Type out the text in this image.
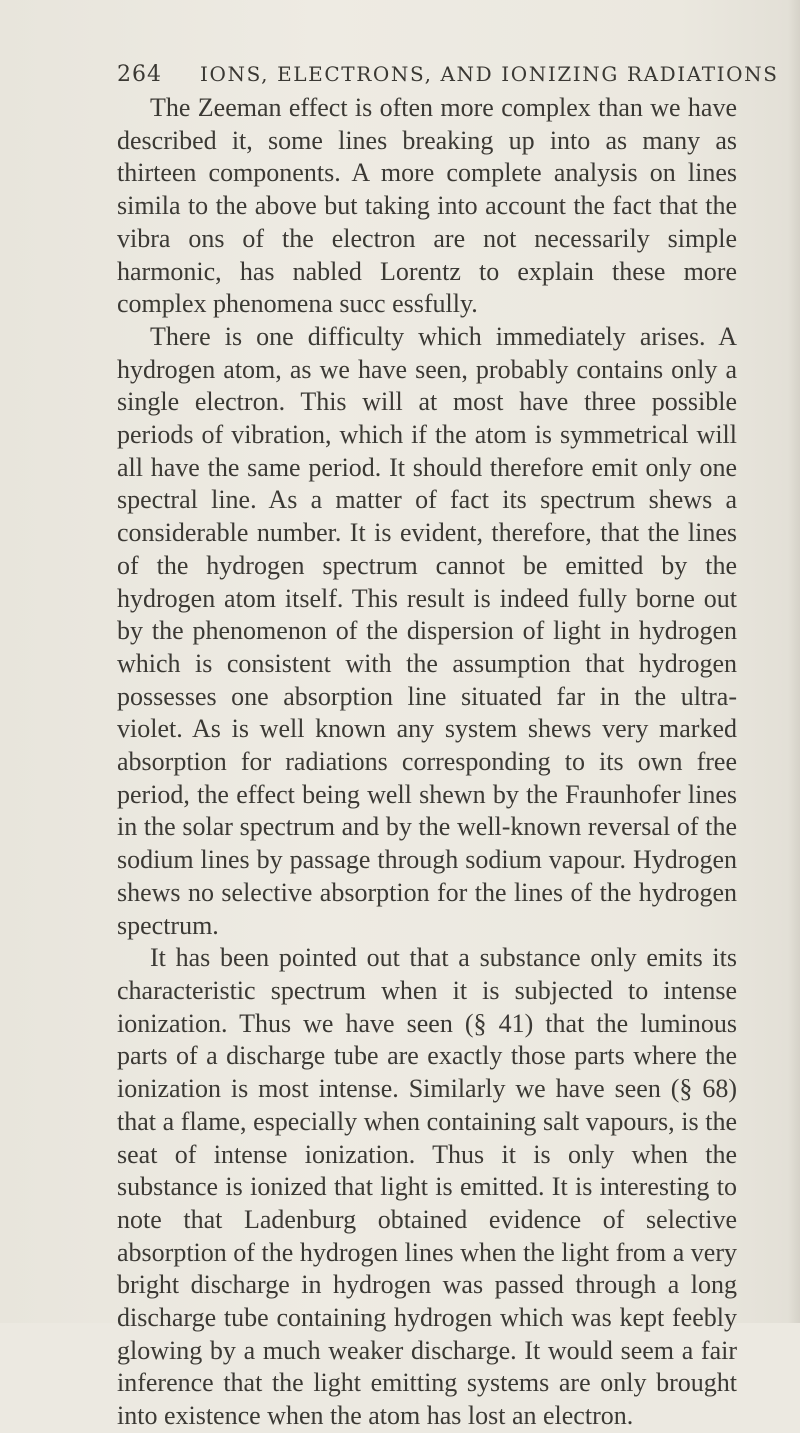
264 IONS, ELECTRONS, AND IONIZING RADIATIONS

The Zeeman effect is often more complex than we have described it, some lines breaking up into as many as thirteen components. A more complete analysis on lines simila to the above but taking into account the fact that the vibra ons of the electron are not necessarily simple harmonic, has nabled Lorentz to explain these more complex phenomena succ essfully.

There is one difficulty which immediately arises. A hydrogen atom, as we have seen, probably contains only a single electron. This will at most have three possible periods of vibration, which if the atom is symmetrical will all have the same period. It should therefore emit only one spectral line. As a matter of fact its spectrum shews a considerable number. It is evident, therefore, that the lines of the hydrogen spectrum cannot be emitted by the hydrogen atom itself. This result is indeed fully borne out by the phenomenon of the dispersion of light in hydrogen which is consistent with the assumption that hydrogen possesses one absorption line situated far in the ultra-violet. As is well known any system shews very marked absorption for radiations corresponding to its own free period, the effect being well shewn by the Fraunhofer lines in the solar spectrum and by the well-known reversal of the sodium lines by passage through sodium vapour. Hydrogen shews no selective absorption for the lines of the hydrogen spectrum.

It has been pointed out that a substance only emits its characteristic spectrum when it is subjected to intense ionization. Thus we have seen (§ 41) that the luminous parts of a discharge tube are exactly those parts where the ionization is most intense. Similarly we have seen (§ 68) that a flame, especially when containing salt vapours, is the seat of intense ionization. Thus it is only when the substance is ionized that light is emitted. It is interesting to note that Ladenburg obtained evidence of selective absorption of the hydrogen lines when the light from a very bright discharge in hydrogen was passed through a long discharge tube containing hydrogen which was kept feebly glowing by a much weaker discharge. It would seem a fair inference that the light emitting systems are only brought into existence when the atom has lost an electron.
